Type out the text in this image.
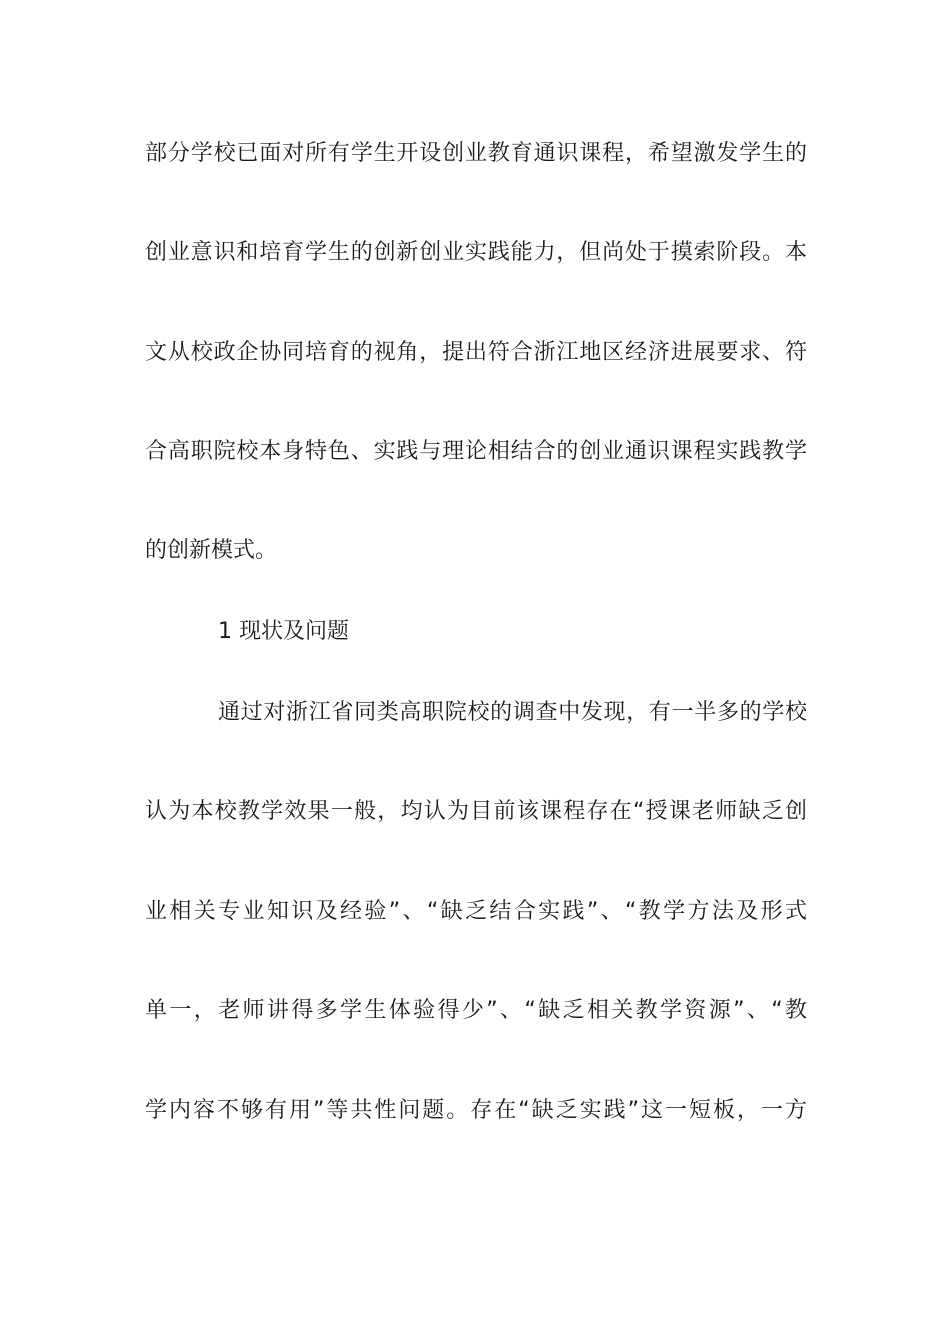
部分学校已面对所有学生开设创业教育通识课程，希望激发学生的
创业意识和培育学生的创新创业实践能力，但尚处于摸索阶段。本
文从校政企协同培育的视角，提出符合浙江地区经济进展要求、符
合高职院校本身特色、实践与理论相结合的创业通识课程实践教学
的创新模式。
1 现状及问题
通过对浙江省同类高职院校的调查中发现，有一半多的学校
认为本校教学效果一般，均认为目前该课程存在“授课老师缺乏创
业相关专业知识及经验”、“缺乏结合实践”、“教学方法及形式
单一，老师讲得多学生体验得少”、“缺乏相关教学资源”、“教
学内容不够有用”等共性问题。存在“缺乏实践”这一短板，一方
